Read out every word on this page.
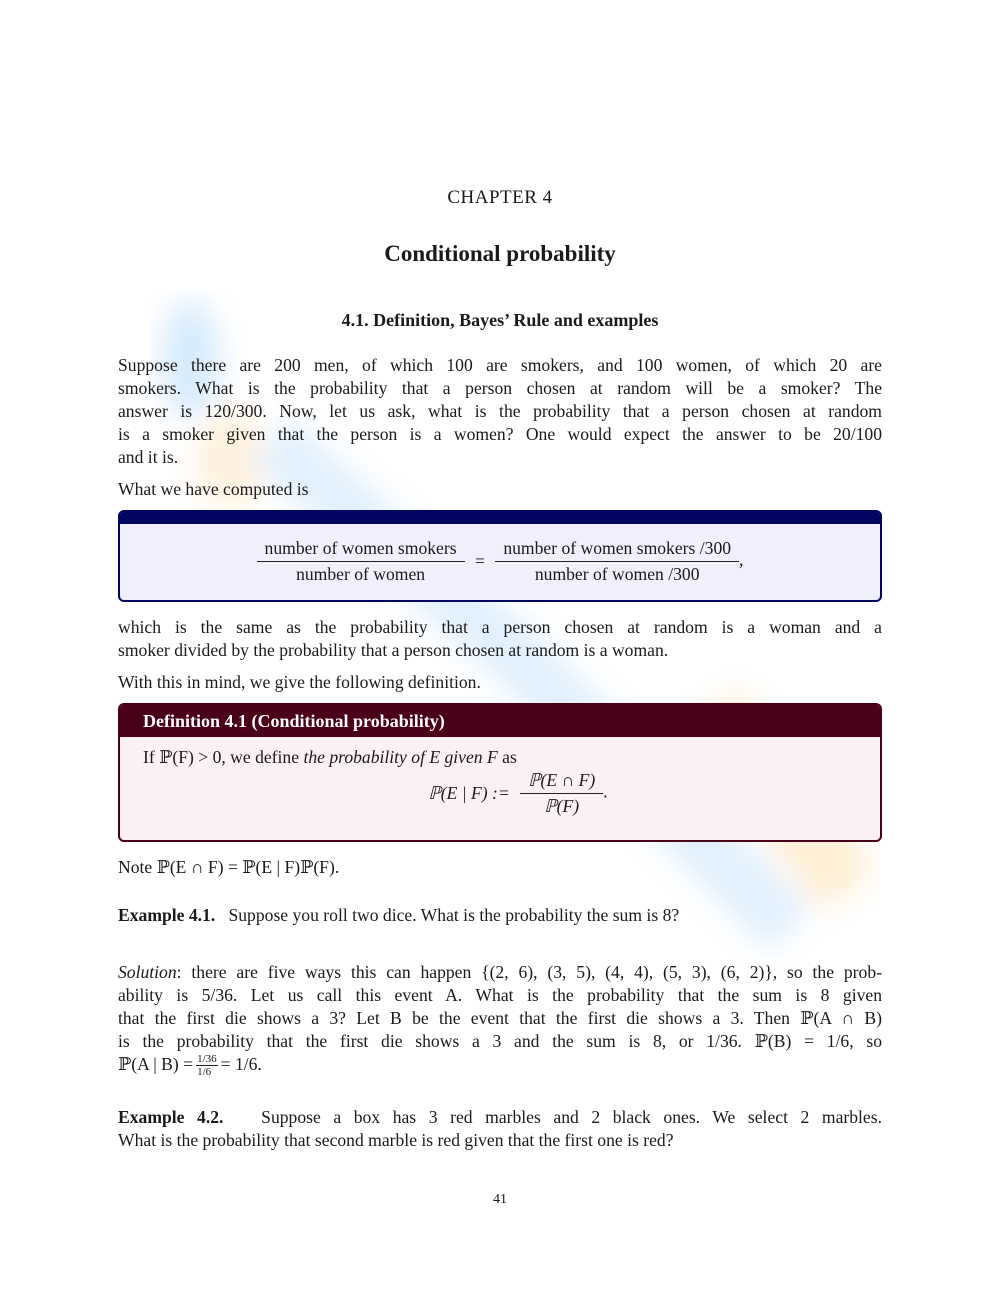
CHAPTER 4
Conditional probability
4.1. Definition, Bayes’ Rule and examples
Suppose there are 200 men, of which 100 are smokers, and 100 women, of which 20 are
smokers. What is the probability that a person chosen at random will be a smoker? The
answer is 120/300. Now, let us ask, what is the probability that a person chosen at random
is a smoker given that the person is a women? One would expect the answer to be 20/100
and it is.
What we have computed is
$\frac{\text{number of women smokers}}{\text{number of women}} = \frac{\text{number of women smokers /300}}{\text{number of women /300}}$ ,
which is the same as the probability that a person chosen at random is a woman and a
smoker divided by the probability that a person chosen at random is a woman.
With this in mind, we give the following definition.
Definition 4.1 (Conditional probability)
If ℙ(F) > 0, we define the probability of E given F as
ℙ(E | F) := $\frac{\text{ℙ(E ∩ F)}}{\text{ℙ(F)}}$ .
Note ℙ(E ∩ F) = ℙ(E | F)ℙ(F).
Example 4.1. Suppose you roll two dice. What is the probability the sum is 8?
Solution: there are five ways this can happen {(2, 6), (3, 5), (4, 4), (5, 3), (6, 2)}, so the prob-
ability is 5/36. Let us call this event A. What is the probability that the sum is 8 given
that the first die shows a 3? Let B be the event that the first die shows a 3. Then ℙ(A ∩ B)
is the probability that the first die shows a 3 and the sum is 8, or 1/36. ℙ(B) = 1/6, so
ℙ(A | $B) = \frac{1/36}{1/6} = 1/6$.
Example 4.2. Suppose a box has 3 red marbles and 2 black ones. We select 2 marbles.
What is the probability that second marble is red given that the first one is red?
41
